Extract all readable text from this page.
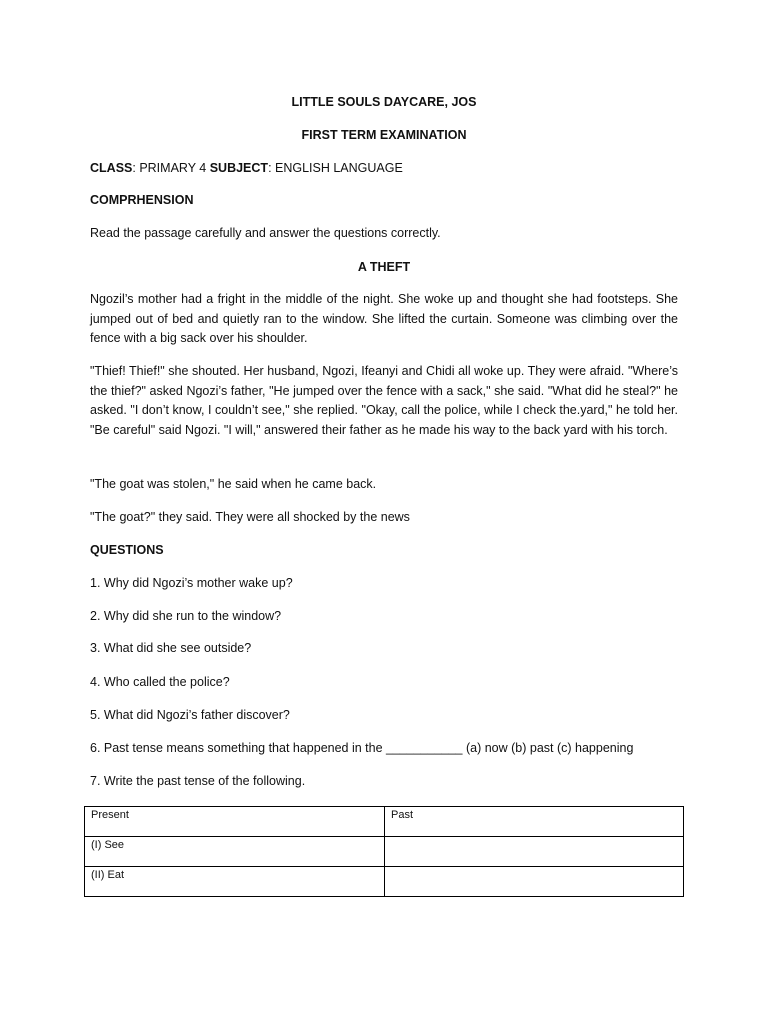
LITTLE SOULS DAYCARE, JOS
FIRST TERM EXAMINATION
CLASS: PRIMARY 4 SUBJECT: ENGLISH LANGUAGE
COMPRHENSION
Read the passage carefully and answer the questions correctly.
A THEFT

Ngozil’s mother had a fright in the middle of the night. She woke up and thought she had footsteps. She jumped out of bed and quietly ran to the window. She lifted the curtain. Someone was climbing over the fence with a big sack over his shoulder.

"Thief! Thief!" she shouted. Her husband, Ngozi, Ifeanyi and Chidi all woke up. They were afraid. "Where’s the thief?" asked Ngozi’s father, "He jumped over the fence with a sack," she said. "What did he steal?" he asked. "I don’t know, I couldn’t see," she replied. "Okay, call the police, while I check the.yard," he told her. "Be careful" said Ngozi. "I will," answered their father as he made his way to the back yard with his torch.

"The goat was stolen," he said when he came back.
"The goat?" they said. They were all shocked by the news
QUESTIONS
1. Why did Ngozi’s mother wake up?
2. Why did she run to the window?
3. What did she see outside?
4. Who called the police?
5. What did Ngozi’s father discover?
6. Past tense means something that happened in the ___________ (a) now (b) past (c) happening
7. Write the past tense of the following.
Present	Past
(I) See	
(II) Eat	
